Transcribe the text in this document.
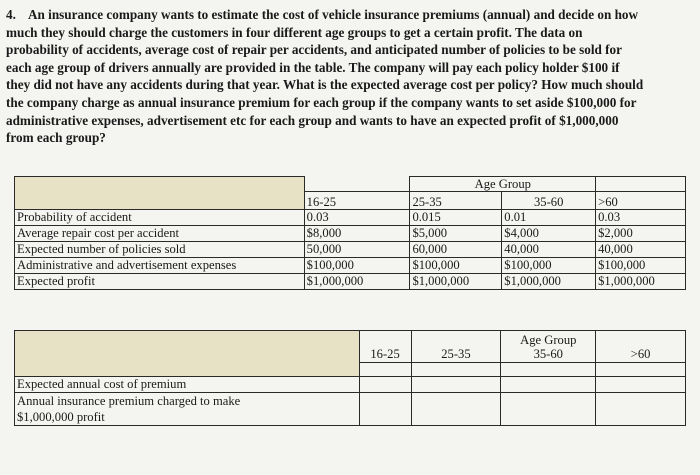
4. An insurance company wants to estimate the cost of vehicle insurance premiums (annual) and decide on how much they should charge the customers in four different age groups to get a certain profit. The data on probability of accidents, average cost of repair per accidents, and anticipated number of policies to be sold for each age group of drivers annually are provided in the table. The company will pay each policy holder $100 if they did not have any accidents during that year. What is the expected average cost per policy? How much should the company charge as annual insurance premium for each group if the company wants to set aside $100,000 for administrative expenses, advertisement etc for each group and wants to have an expected profit of $1,000,000 from each group?
		Age Group		
	16-25	25-35	35-60	>60
Probability of accident	0.03	0.015	0.01	0.03
Average repair cost per accident	$8,000	$5,000	$4,000	$2,000
Expected number of policies sold	50,000	60,000	40,000	40,000
Administrative and advertisement expenses	$100,000	$100,000	$100,000	$100,000
Expected profit	$1,000,000	$1,000,000	$1,000,000	$1,000,000
			Age Group	
	16-25	25-35	35-60	>60

Expected annual cost of premium				

Annual insurance premium charged to make
$1,000,000 profit				
